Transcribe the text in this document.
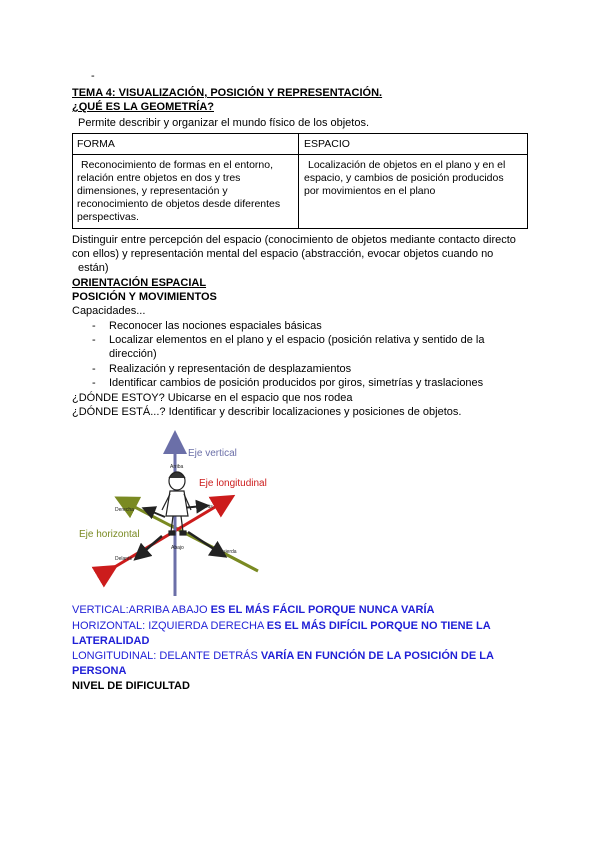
-
TEMA 4: VISUALIZACIÓN, POSICIÓN Y REPRESENTACIÓN.
¿QUÉ ES LA GEOMETRÍA?
Permite describir y organizar el mundo físico de los objetos.
FORMA	ESPACIO
Reconocimiento de formas en el entorno,
relación entre objetos en dos y tres
dimensiones, y representación y
reconocimiento de objetos desde diferentes
perspectivas.
Localización de objetos en el plano y en el
espacio, y cambios de posición producidos
por movimientos en el plano
Distinguir entre percepción del espacio (conocimiento de objetos mediante contacto directo
con ellos) y representación mental del espacio (abstracción, evocar objetos cuando no
están)
ORIENTACIÓN ESPACIAL
POSICIÓN Y MOVIMIENTOS
Capacidades...
- Reconocer las nociones espaciales básicas
- Localizar elementos en el plano y el espacio (posición relativa y sentido de la
dirección)
- Realización y representación de desplazamientos
- Identificar cambios de posición producidos por giros, simetrías y traslaciones
¿DÓNDE ESTOY? Ubicarse en el espacio que nos rodea
¿DÓNDE ESTÁ...? Identificar y describir localizaciones y posiciones de objetos.
Arriba
Abajo
Derecha
Izquierda
Delante
Detrás
Eje vertical
Eje longitudinal
Eje horizontal
VERTICAL:ARRIBA ABAJO ES EL MÁS FÁCIL PORQUE NUNCA VARÍA
HORIZONTAL: IZQUIERDA DERECHA ES EL MÁS DIFÍCIL PORQUE NO TIENE LA
LATERALIDAD
LONGITUDINAL: DELANTE DETRÁS VARÍA EN FUNCIÓN DE LA POSICIÓN DE LA
PERSONA
NIVEL DE DIFICULTAD
